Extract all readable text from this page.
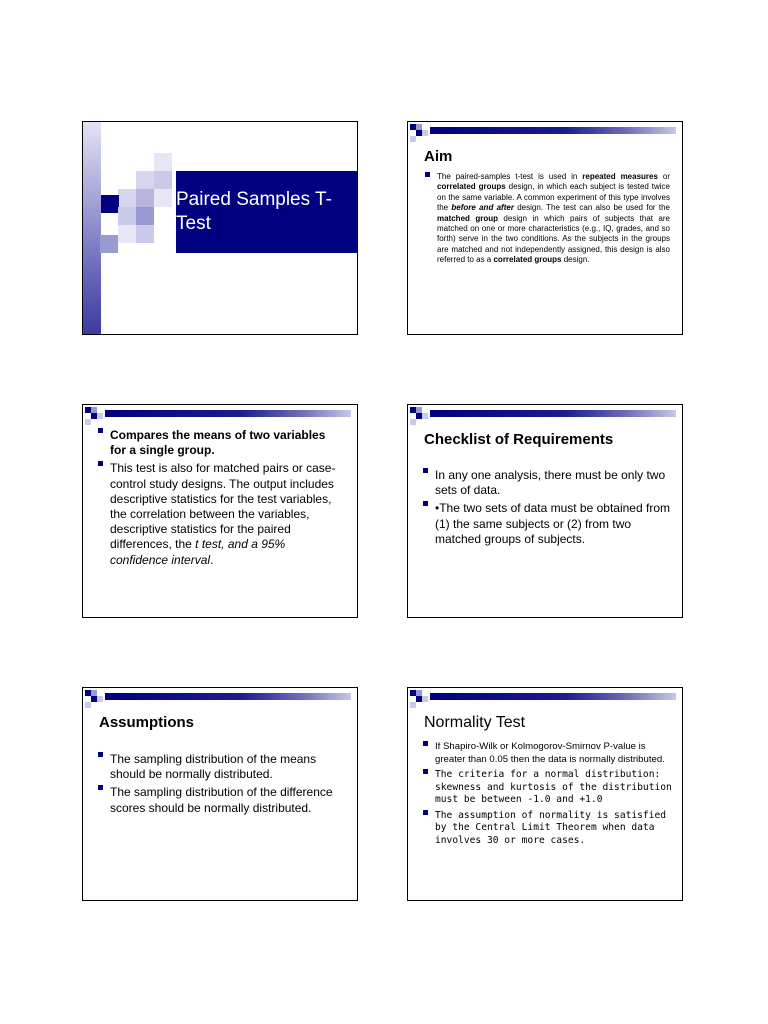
Paired Samples T-
Test
Aim
The paired-samples t-test is used in repeated measures or correlated groups design, in which each subject is tested twice on the same variable. A common experiment of this type involves the before and after design. The test can also be used for the matched group design in which pairs of subjects that are matched on one or more characteristics (e.g., IQ, grades, and so forth) serve in the two conditions. As the subjects in the groups are matched and not independently assigned, this design is also referred to as a correlated groups design.
Compares the means of two variables for a single group.
This test is also for matched pairs or case-control study designs. The output includes descriptive statistics for the test variables, the correlation between the variables, descriptive statistics for the paired differences, the t test, and a 95% confidence interval.
Checklist of Requirements
In any one analysis, there must be only two sets of data.
•The two sets of data must be obtained from (1) the same subjects or (2) from two matched groups of subjects.
Assumptions
The sampling distribution of the means should be normally distributed.
The sampling distribution of the difference scores should be normally distributed.
Normality Test
If Shapiro-Wilk or Kolmogorov-Smirnov P-value is greater than 0.05 then the data is normally distributed.
The criteria for a normal distribution: skewness and kurtosis of the distribution must be between -1.0 and +1.0
The assumption of normality is satisfied by the Central Limit Theorem when data involves 30 or more cases.
